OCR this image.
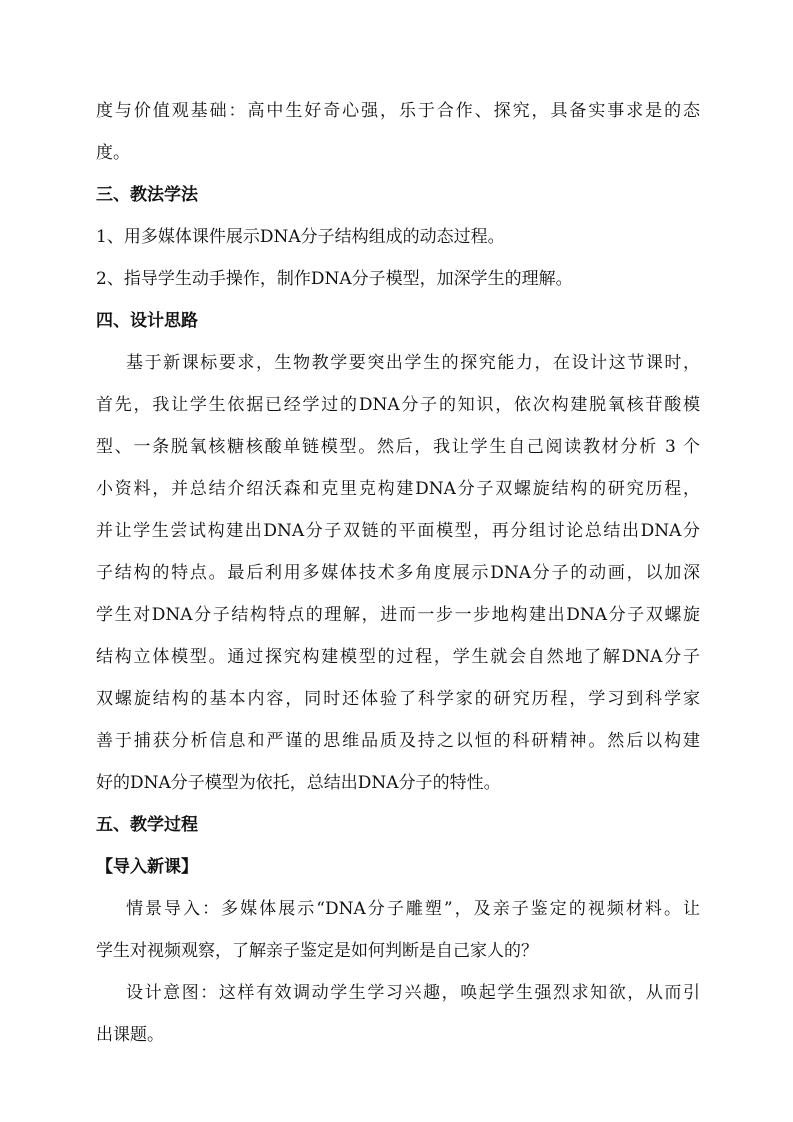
度与价值观基础：高中生好奇心强，乐于合作、探究，具备实事求是的态
度。
三、教法学法
1、用多媒体课件展示DNA分子结构组成的动态过程。
2、指导学生动手操作，制作DNA分子模型，加深学生的理解。
四、设计思路
基于新课标要求，生物教学要突出学生的探究能力，在设计这节课时，
首先，我让学生依据已经学过的DNA分子的知识，依次构建脱氧核苷酸模
型、一条脱氧核糖核酸单链模型。然后，我让学生自己阅读教材分析 3 个
小资料，并总结介绍沃森和克里克构建DNA分子双螺旋结构的研究历程，
并让学生尝试构建出DNA分子双链的平面模型，再分组讨论总结出DNA分
子结构的特点。最后利用多媒体技术多角度展示DNA分子的动画，以加深
学生对DNA分子结构特点的理解，进而一步一步地构建出DNA分子双螺旋
结构立体模型。通过探究构建模型的过程，学生就会自然地了解DNA分子
双螺旋结构的基本内容，同时还体验了科学家的研究历程，学习到科学家
善于捕获分析信息和严谨的思维品质及持之以恒的科研精神。然后以构建
好的DNA分子模型为依托，总结出DNA分子的特性。
五、教学过程
【导入新课】
情景导入：多媒体展示“DNA分子雕塑”，及亲子鉴定的视频材料。让
学生对视频观察，了解亲子鉴定是如何判断是自己家人的？
设计意图：这样有效调动学生学习兴趣，唤起学生强烈求知欲，从而引
出课题。
